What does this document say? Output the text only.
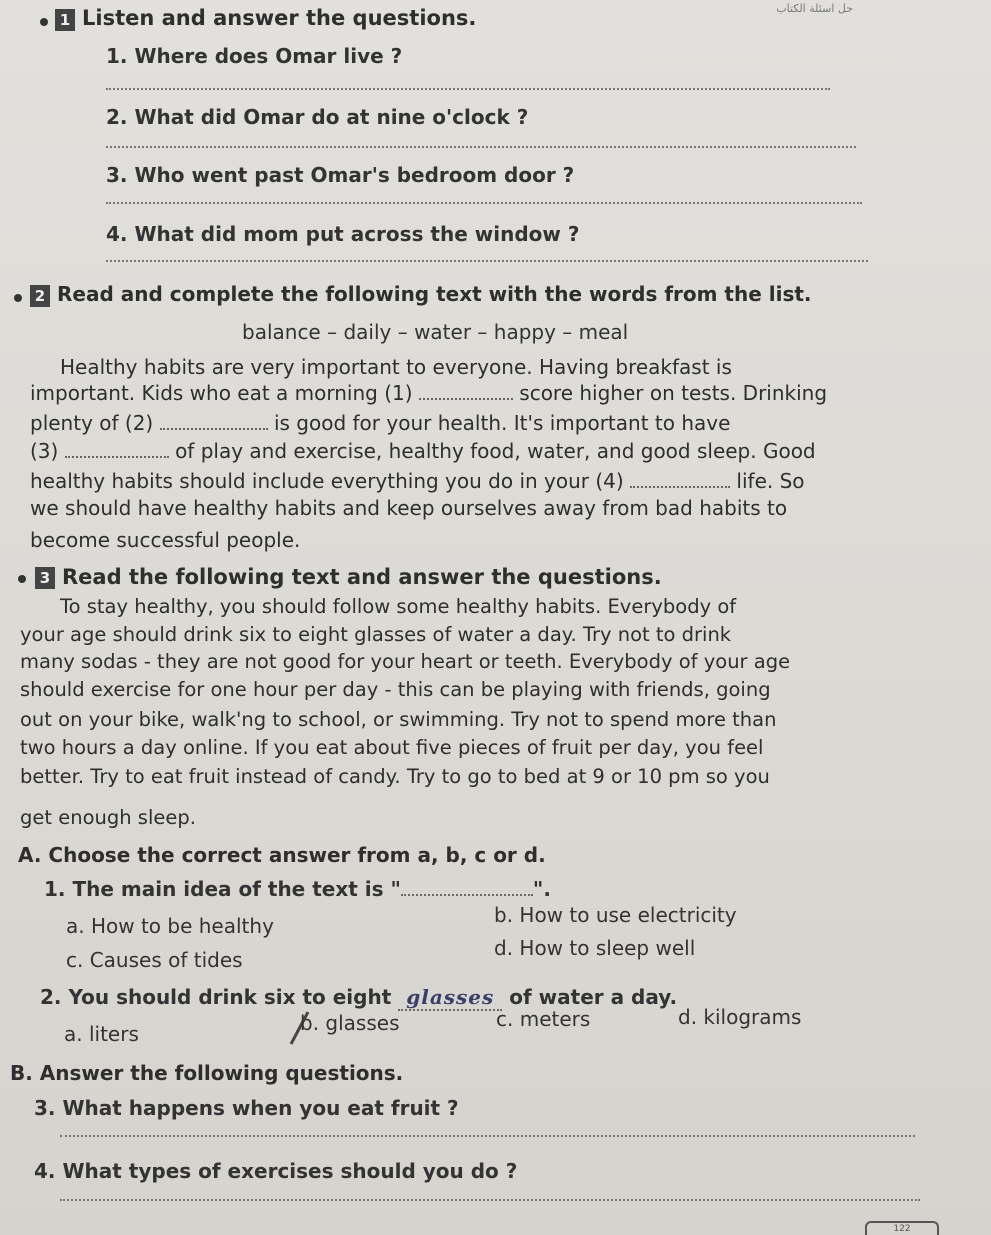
حل اسئلة الكتاب
1 Listen and answer the questions.
1. Where does Omar live ?
2. What did Omar do at nine o'clock ?
3. Who went past Omar's bedroom door ?
4. What did mom put across the window ?
2 Read and complete the following text with the words from the list.
balance – daily – water – happy – meal
Healthy habits are very important to everyone. Having breakfast is
important. Kids who eat a morning (1)	score higher on tests. Drinking
plenty of (2)	is good for your health. It's important to have
(3)	of play and exercise, healthy food, water, and good sleep. Good
healthy habits should include everything you do in your (4)	life. So
we should have healthy habits and keep ourselves away from bad habits to
become successful people.
3 Read the following text and answer the questions.
To stay healthy, you should follow some healthy habits. Everybody of
your age should drink six to eight glasses of water a day. Try not to drink
many sodas - they are not good for your heart or teeth. Everybody of your age
should exercise for one hour per day - this can be playing with friends, going
out on your bike, walk'ng to school, or swimming. Try not to spend more than
two hours a day online. If you eat about five pieces of fruit per day, you feel
better. Try to eat fruit instead of candy. Try to go to bed at 9 or 10 pm so you
get enough sleep.
A. Choose the correct answer from a, b, c or d.
1. The main idea of the text is "	".
a. How to be healthy	b. How to use electricity
c. Causes of tides	d. How to sleep well
2. You should drink six to eight glasses of water a day.
a. liters	b. glasses	c. meters	d. kilograms
B. Answer the following questions.
3. What happens when you eat fruit ?
4. What types of exercises should you do ?
122
